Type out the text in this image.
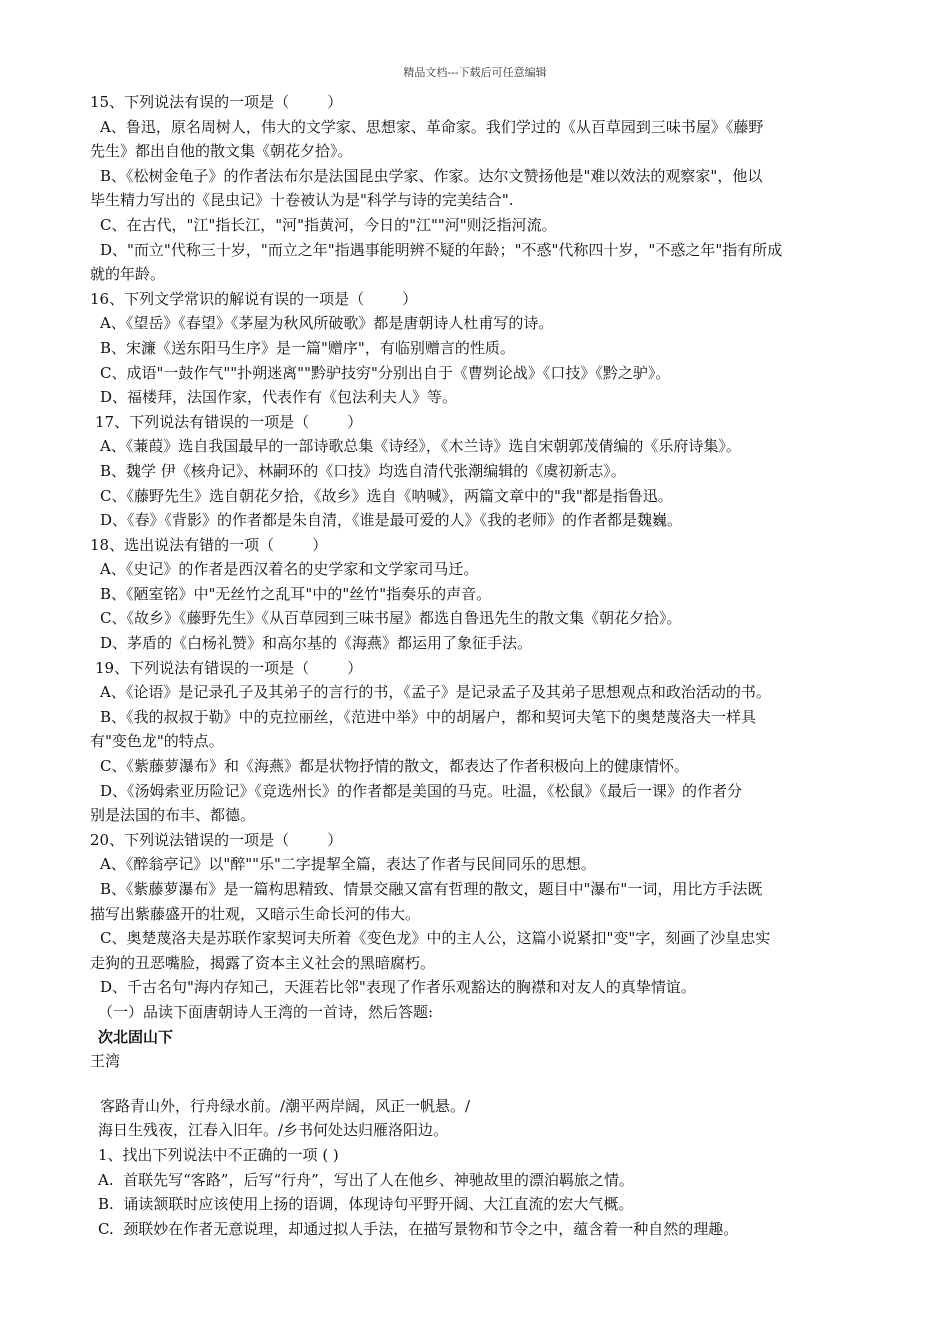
精品文档---下载后可任意编辑
15、下列说法有误的一项是（        ）
A、鲁迅，原名周树人，伟大的文学家、思想家、革命家。我们学过的《从百草园到三味书屋》《藤野
先生》都出自他的散文集《朝花夕拾》。
B、《松树金龟子》的作者法布尔是法国昆虫学家、作家。达尔文赞扬他是"难以效法的观察家"，他以
毕生精力写出的《昆虫记》十卷被认为是"科学与诗的完美结合".
C、在古代，"江"指长江，"河"指黄河，今日的"江""河"则泛指河流。
D、"而立"代称三十岁，"而立之年"指遇事能明辨不疑的年龄；"不惑"代称四十岁，"不惑之年"指有所成
就的年龄。
16、下列文学常识的解说有误的一项是（        ）
A、《望岳》《春望》《茅屋为秋风所破歌》都是唐朝诗人杜甫写的诗。
B、宋濂《送东阳马生序》是一篇"赠序"，有临别赠言的性质。
C、成语"一鼓作气""扑朔迷离""黔驴技穷"分别出自于《曹刿论战》《口技》《黔之驴》。
D、福楼拜，法国作家，代表作有《包法利夫人》等。
17、下列说法有错误的一项是（        ）
A、《蒹葭》选自我国最早的一部诗歌总集《诗经》，《木兰诗》选自宋朝郭茂倩编的《乐府诗集》。
B、魏学 伊《核舟记》、林嗣环的《口技》均选自清代张潮编辑的《虞初新志》。
C、《藤野先生》选自朝花夕拾，《故乡》选自《呐喊》，两篇文章中的"我"都是指鲁迅。
D、《春》《背影》的作者都是朱自清，《谁是最可爱的人》《我的老师》的作者都是魏巍。
18、选出说法有错的一项（        ）
A、《史记》的作者是西汉着名的史学家和文学家司马迁。
B、《陋室铭》中"无丝竹之乱耳"中的"丝竹"指奏乐的声音。
C、《故乡》《藤野先生》《从百草园到三味书屋》都选自鲁迅先生的散文集《朝花夕拾》。
D、茅盾的《白杨礼赞》和高尔基的《海燕》都运用了象征手法。
19、下列说法有错误的一项是（        ）
A、《论语》是记录孔子及其弟子的言行的书，《孟子》是记录孟子及其弟子思想观点和政治活动的书。
B、《我的叔叔于勒》中的克拉丽丝，《范进中举》中的胡屠户，都和契诃夫笔下的奥楚蔑洛夫一样具
有"变色龙"的特点。
C、《紫藤萝瀑布》和《海燕》都是状物抒情的散文，都表达了作者积极向上的健康情怀。
D、《汤姆索亚历险记》《竞选州长》的作者都是美国的马克。吐温，《松鼠》《最后一课》的作者分
别是法国的布丰、都德。
20、下列说法错误的一项是（        ）
A、《醉翁亭记》以"醉""乐"二字提挈全篇，表达了作者与民间同乐的思想。
B、《紫藤萝瀑布》是一篇构思精致、情景交融又富有哲理的散文，题目中"瀑布"一词，用比方手法既
描写出紫藤盛开的壮观，又暗示生命长河的伟大。
C、奥楚蔑洛夫是苏联作家契诃夫所着《变色龙》中的主人公，这篇小说紧扣"变"字，刻画了沙皇忠实
走狗的丑恶嘴脸，揭露了资本主义社会的黑暗腐朽。
D、千古名句"海内存知己，天涯若比邻"表现了作者乐观豁达的胸襟和对友人的真挚情谊。
（一）品读下面唐朝诗人王湾的一首诗，然后答题:
次北固山下
王湾
客路青山外，行舟绿水前。/潮平两岸阔，风正一帆悬。/
海日生残夜，江春入旧年。/乡书何处达归雁洛阳边。
1、找出下列说法中不正确的一项 ( )
A.  首联先写“客路”，后写“行舟”，写出了人在他乡、神驰故里的漂泊羁旅之情。
B.  诵读颔联时应该使用上扬的语调，体现诗句平野开阔、大江直流的宏大气概。
C.  颈联妙在作者无意说理，却通过拟人手法，在描写景物和节令之中，蕴含着一种自然的理趣。
